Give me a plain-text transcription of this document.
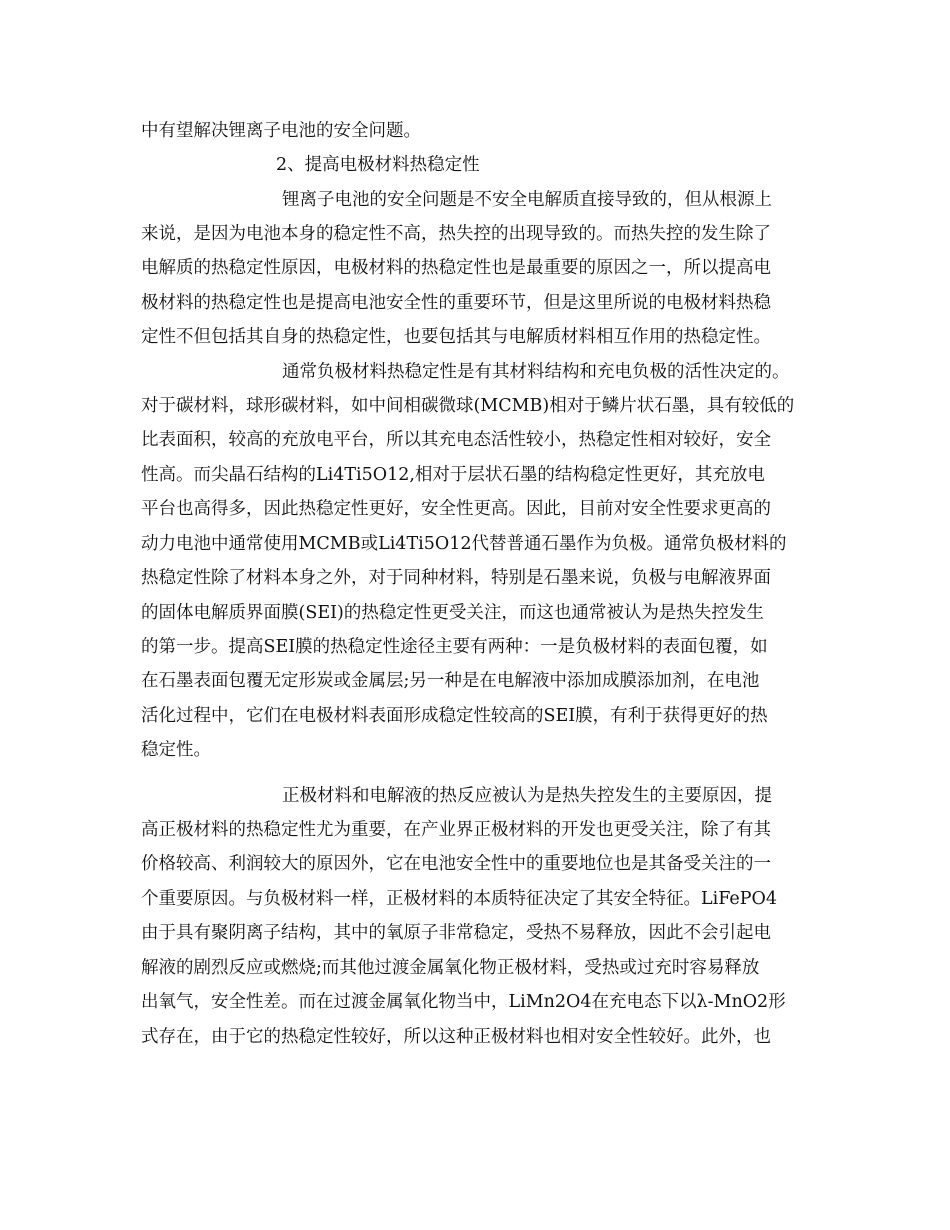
中有望解决锂离子电池的安全问题。
2、提高电极材料热稳定性
锂离子电池的安全问题是不安全电解质直接导致的，但从根源上
来说，是因为电池本身的稳定性不高，热失控的出现导致的。而热失控的发生除了
电解质的热稳定性原因，电极材料的热稳定性也是最重要的原因之一，所以提高电
极材料的热稳定性也是提高电池安全性的重要环节，但是这里所说的电极材料热稳
定性不但包括其自身的热稳定性，也要包括其与电解质材料相互作用的热稳定性。
通常负极材料热稳定性是有其材料结构和充电负极的活性决定的。
对于碳材料，球形碳材料，如中间相碳微球(MCMB)相对于鳞片状石墨，具有较低的
比表面积，较高的充放电平台，所以其充电态活性较小，热稳定性相对较好，安全
性高。而尖晶石结构的Li4Ti5O12,相对于层状石墨的结构稳定性更好，其充放电
平台也高得多，因此热稳定性更好，安全性更高。因此，目前对安全性要求更高的
动力电池中通常使用MCMB或Li4Ti5O12代替普通石墨作为负极。通常负极材料的
热稳定性除了材料本身之外，对于同种材料，特别是石墨来说，负极与电解液界面
的固体电解质界面膜(SEI)的热稳定性更受关注，而这也通常被认为是热失控发生
的第一步。提高SEI膜的热稳定性途径主要有两种：一是负极材料的表面包覆，如
在石墨表面包覆无定形炭或金属层;另一种是在电解液中添加成膜添加剂，在电池
活化过程中，它们在电极材料表面形成稳定性较高的SEI膜，有利于获得更好的热
稳定性。
正极材料和电解液的热反应被认为是热失控发生的主要原因，提
高正极材料的热稳定性尤为重要，在产业界正极材料的开发也更受关注，除了有其
价格较高、利润较大的原因外，它在电池安全性中的重要地位也是其备受关注的一
个重要原因。与负极材料一样，正极材料的本质特征决定了其安全特征。LiFePO4
由于具有聚阴离子结构，其中的氧原子非常稳定，受热不易释放，因此不会引起电
解液的剧烈反应或燃烧;而其他过渡金属氧化物正极材料，受热或过充时容易释放
出氧气，安全性差。而在过渡金属氧化物当中，LiMn2O4在充电态下以λ-MnO2形
式存在，由于它的热稳定性较好，所以这种正极材料也相对安全性较好。此外，也
